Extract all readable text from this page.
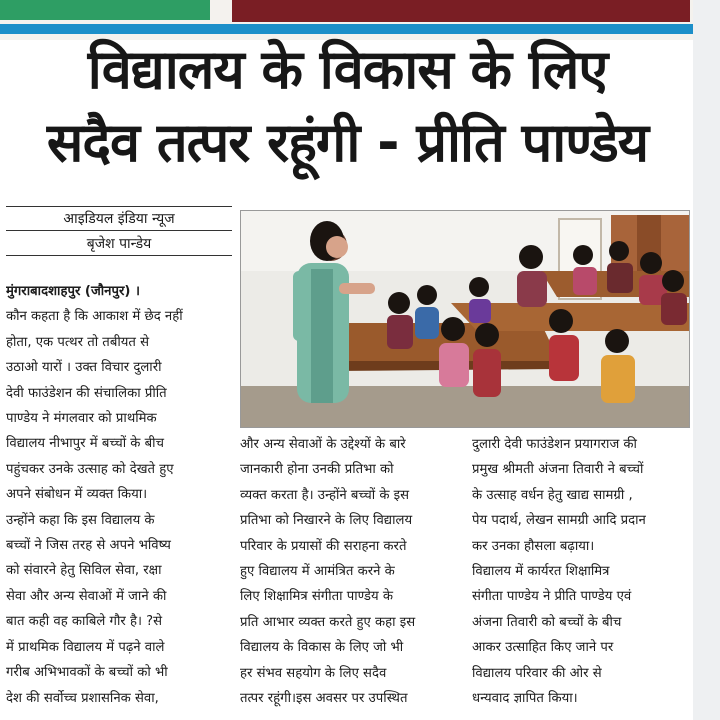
विद्यालय के विकास के लिए
सदैव तत्पर रहूंगी - प्रीति पाण्डेय
आइडियल इंडिया न्यूज
बृजेश पान्डेय
मुंगराबादशाहपुर (जौनपुर) ।
कौन कहता है कि आकाश में छेद नहीं
होता, एक पत्थर तो तबीयत से
उठाओ यारों । उक्त विचार दुलारी
देवी फाउंडेशन की संचालिका प्रीति
पाण्डेय ने मंगलवार को प्राथमिक
विद्यालय नीभापुर में बच्चों के बीच
पहुंचकर उनके उत्साह को देखते हुए
अपने संबोधन में व्यक्त किया।
उन्होंने कहा कि इस विद्यालय के
बच्चों ने जिस तरह से अपने भविष्य
को संवारने हेतु सिविल सेवा, रक्षा
सेवा और अन्य सेवाओं में जाने की
बात कही वह काबिले गौर है। ?से
में प्राथमिक विद्यालय में पढ़ने वाले
गरीब अभिभावकों के बच्चों को भी
देश की सर्वोच्च प्रशासनिक सेवा,
और अन्य सेवाओं के उद्देश्यों के बारे
जानकारी होना उनकी प्रतिभा को
व्यक्त करता है। उन्होंने बच्चों के इस
प्रतिभा को निखारने के लिए विद्यालय
परिवार के प्रयासों की सराहना करते
हुए विद्यालय में आमंत्रित करने के
लिए शिक्षामित्र संगीता पाण्डेय के
प्रति आभार व्यक्त करते हुए कहा इस
विद्यालय के विकास के लिए जो भी
हर संभव सहयोग के लिए सदैव
तत्पर रहूंगी।इस अवसर पर उपस्थित
दुलारी देवी फाउंडेशन प्रयागराज की
प्रमुख श्रीमती अंजना तिवारी ने बच्चों
के उत्साह वर्धन हेतु खाद्य सामग्री ,
पेय पदार्थ, लेखन सामग्री आदि प्रदान
कर उनका हौसला बढ़ाया।
विद्यालय में कार्यरत शिक्षामित्र
संगीता पाण्डेय ने प्रीति पाण्डेय एवं
अंजना तिवारी को बच्चों के बीच
आकर उत्साहित किए जाने पर
विद्यालय परिवार की ओर से
धन्यवाद ज्ञापित किया।
